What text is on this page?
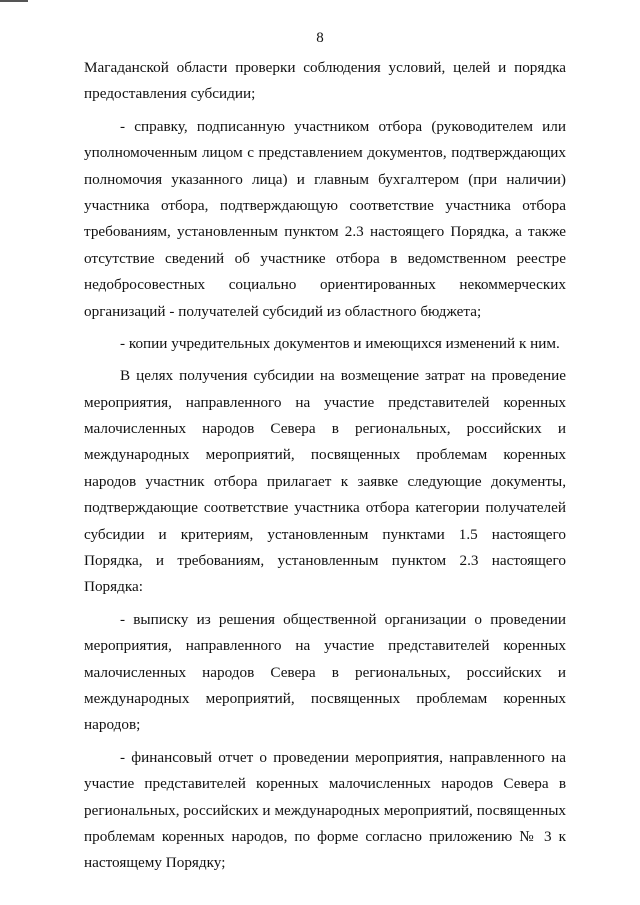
8
Магаданской области проверки соблюдения условий, целей и порядка
предоставления субсидии;
- справку, подписанную участником отбора (руководителем или
уполномоченным лицом с представлением документов, подтверждающих
полномочия указанного лица) и главным бухгалтером (при наличии)
участника отбора, подтверждающую соответствие участника отбора
требованиям, установленным пунктом 2.3 настоящего Порядка, а также
отсутствие сведений об участнике отбора в ведомственном реестре
недобросовестных социально ориентированных некоммерческих
организаций - получателей субсидий из областного бюджета;
- копии учредительных документов и имеющихся изменений к ним.
В целях получения субсидии на возмещение затрат на проведение
мероприятия, направленного на участие представителей коренных
малочисленных народов Севера в региональных, российских и
международных мероприятий, посвященных проблемам коренных
народов участник отбора прилагает к заявке следующие документы,
подтверждающие соответствие участника отбора категории получателей
субсидии и критериям, установленным пунктами 1.5 настоящего
Порядка, и требованиям, установленным пунктом 2.3 настоящего
Порядка:
- выписку из решения общественной организации о проведении
мероприятия, направленного на участие представителей коренных
малочисленных народов Севера в региональных, российских и
международных мероприятий, посвященных проблемам коренных
народов;
- финансовый отчет о проведении мероприятия, направленного на
участие представителей коренных малочисленных народов Севера в
региональных, российских и международных мероприятий, посвященных
проблемам коренных народов, по форме согласно приложению № 3 к
настоящему Порядку;
